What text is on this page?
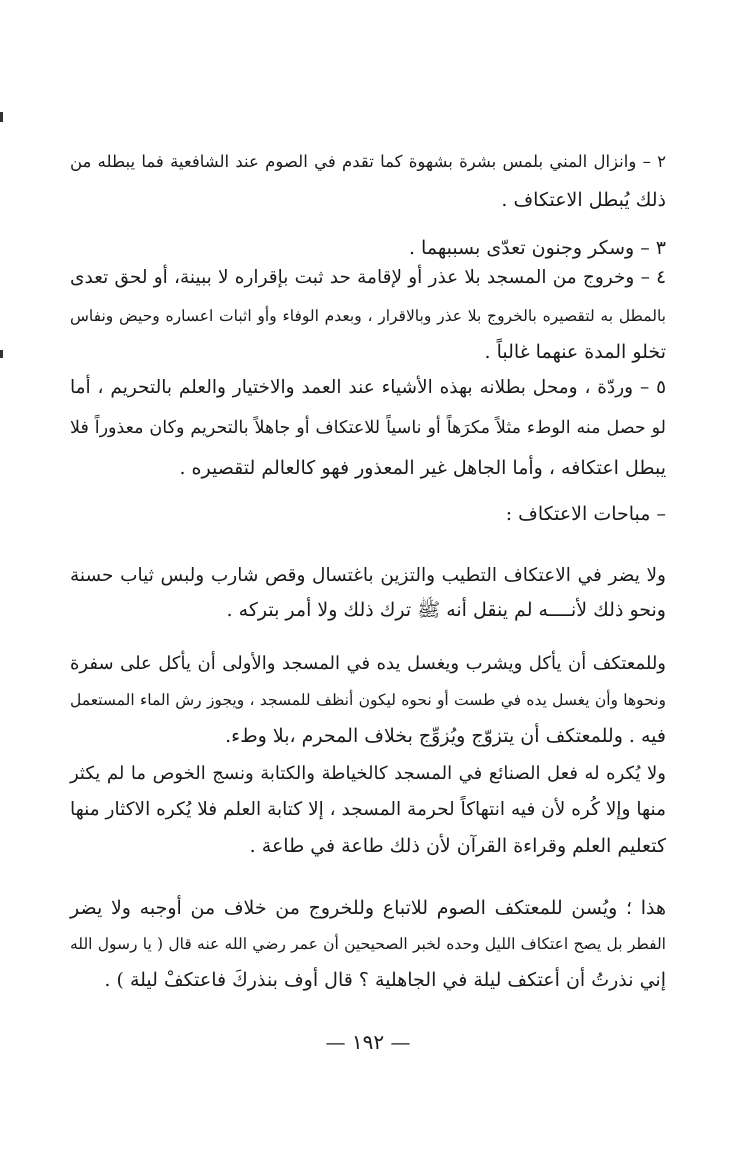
٢ – وانزال المني بلمس بشرة بشهوة كما تقدم في الصوم عند الشافعية فما يبطله من
ذلك يُبطل الاعتكاف .
٣ – وسكر وجنون تعدّى بسببهما .
٤ – وخروج من المسجد بلا عذر أو لإقامة حد ثبت بإقراره لا ببينة، أو لحق تعدى
بالمطل به لتقصيره بالخروج بلا عذر وبالاقرار ، وبعدم الوفاء وأو اثبات اعساره وحيض ونفاس
تخلو المدة عنهما غالباً .
٥ – وردّة ، ومحل بطلانه بهذه الأشياء عند العمد والاختيار والعلم بالتحريم ، أما
لو حصل منه الوطء مثلاً مكرَهاً أو ناسياً للاعتكاف أو جاهلاً بالتحريم وكان معذوراً فلا
يبطل اعتكافه ، وأما الجاهل غير المعذور فهو كالعالم لتقصيره .
– مباحات الاعتكاف :
ولا يضر في الاعتكاف التطيب والتزين باغتسال وقص شارب ولبس ثياب حسنة
ونحو ذلك لأنــــه لم ينقل أنه ﷺ ترك ذلك ولا أمر بتركه .
وللمعتكف أن يأكل ويشرب ويغسل يده في المسجد والأولى أن يأكل على سفرة
ونحوها وأن يغسل يده في طست أو نحوه ليكون أنظف للمسجد ، ويجوز رش الماء المستعمل
فيه . وللمعتكف أن يتزوّج ويُزوِّج بخلاف المحرم ،بلا وطء.
ولا يُكره له فعل الصنائع في المسجد كالخياطة والكتابة ونسج الخوص ما لم يكثر
منها وإلا كُره لأن فيه انتهاكاً لحرمة المسجد ، إلا كتابة العلم فلا يُكره الاكثار منها
كتعليم العلم وقراءة القرآن لأن ذلك طاعة في طاعة .
هذا ؛ ويُسن للمعتكف الصوم للاتباع وللخروج من خلاف من أوجبه ولا يضر
الفطر بل يصح اعتكاف الليل وحده لخبر الصحيحين أن عمر رضي الله عنه قال ( يا رسول الله
إني نذرتُ أن أعتكف ليلة في الجاهلية ؟ قال أوف بنذركَ فاعتكفْ ليلة ) .
— ١٩٢ —
